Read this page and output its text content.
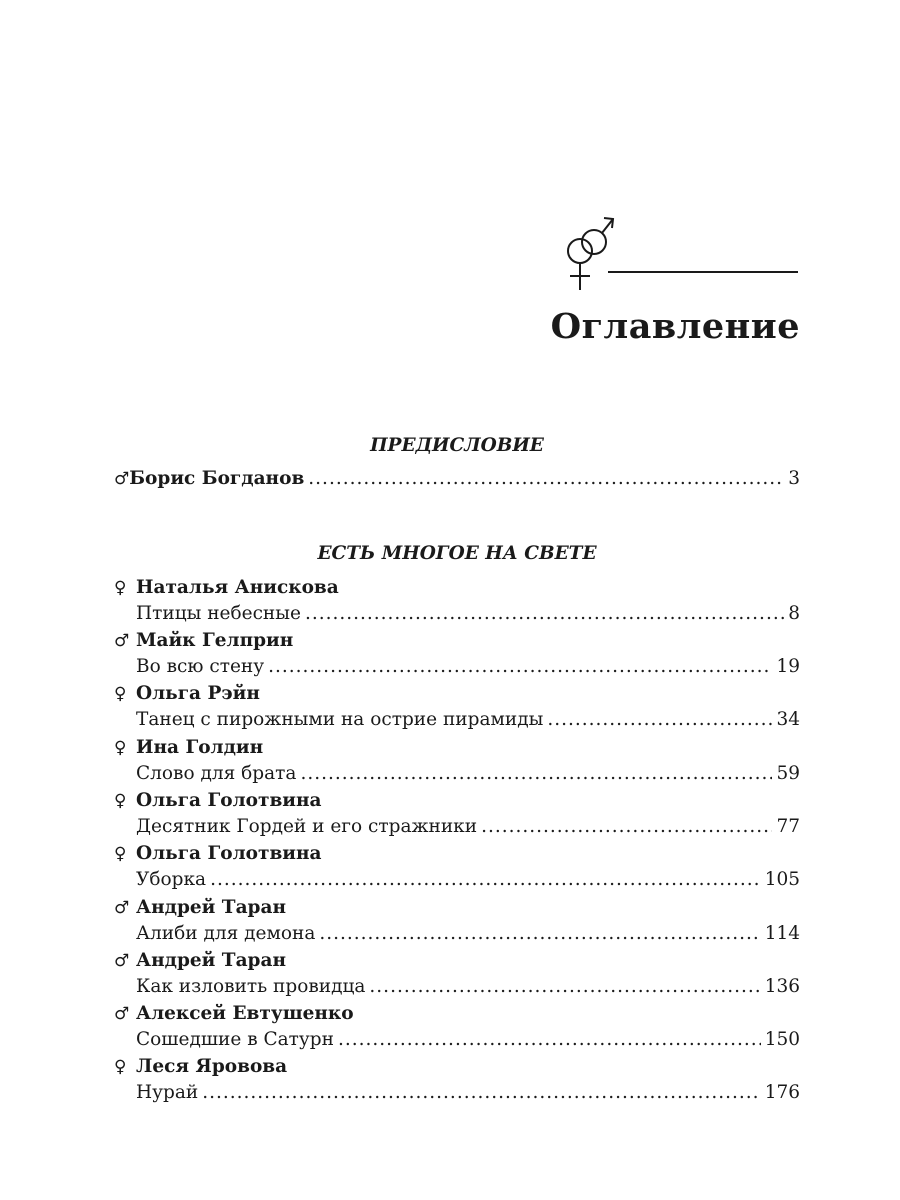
Оглавление
ПРЕДИСЛОВИЕ
♂ Борис Богданов .....	3
ЕСТЬ МНОГОЕ НА СВЕТЕ
♀ Наталья Анискова
Птицы небесные .....	8
♂ Майк Гелприн
Во всю стену .....	19
♀ Ольга Рэйн
Танец с пирожными на острие пирамиды .....	34
♀ Ина Голдин
Слово для брата .....	59
♀ Ольга Голотвина
Десятник Гордей и его стражники .....	77
♀ Ольга Голотвина
Уборка .....	105
♂ Андрей Таран
Алиби для демона .....	114
♂ Андрей Таран
Как изловить провидца .....	136
♂ Алексей Евтушенко
Сошедшие в Сатурн .....	150
♀ Леся Яровова
Нурай .....	176
